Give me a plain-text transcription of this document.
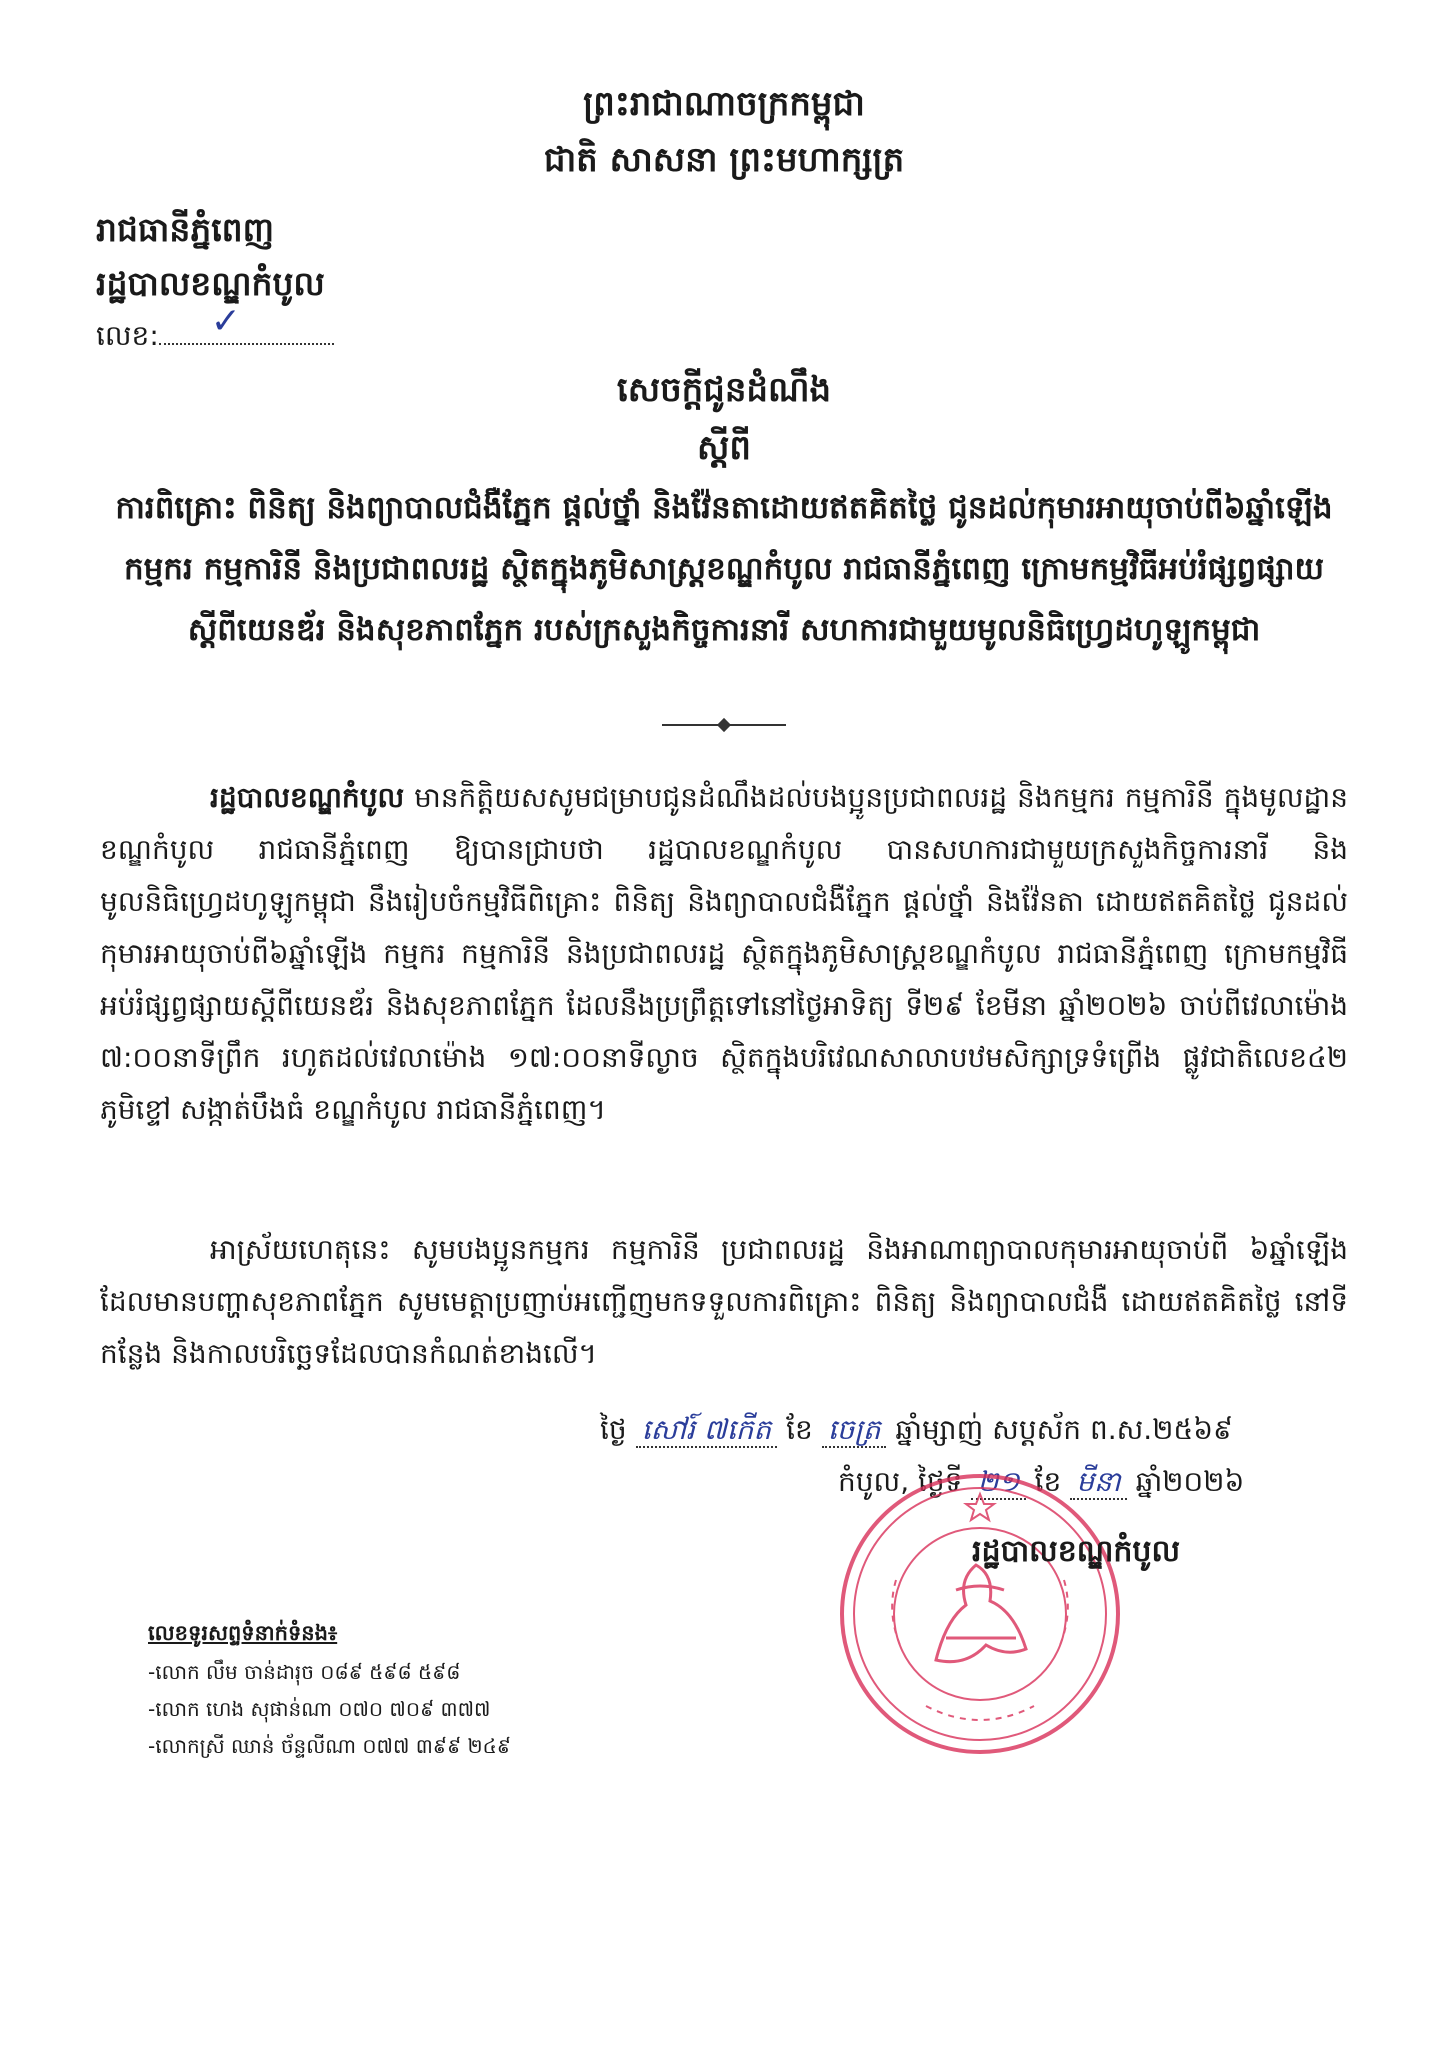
ព្រះរាជាណាចក្រកម្ពុជា
ជាតិ សាសនា ព្រះមហាក្សត្រ
រាជធានីភ្នំពេញ
រដ្ឋបាលខណ្ឌកំបូល
លេខ: ✓
សេចក្តីជូនដំណឹង
ស្តីពី
ការពិគ្រោះ ពិនិត្យ និងព្យាបាលជំងឺភ្នែក ផ្តល់ថ្នាំ និងវ៉ែនតាដោយឥតគិតថ្លៃ ជូនដល់កុមារអាយុចាប់ពី៦ឆ្នាំឡើង កម្មករ កម្មការិនី និងប្រជាពលរដ្ឋ ស្ថិតក្នុងភូមិសាស្ត្រខណ្ឌកំបូល រាជធានីភ្នំពេញ ក្រោមកម្មវិធីអប់រំផ្សព្វផ្សាយស្តីពីយេនឌ័រ និងសុខភាពភ្នែក របស់ក្រសួងកិច្ចការនារី សហការជាមួយមូលនិធិហ្វ្រេដហូឡូកម្ពុជា
រដ្ឋបាលខណ្ឌកំបូល មានកិត្តិយសសូមជម្រាបជូនដំណឹងដល់បងប្អូនប្រជាពលរដ្ឋ និងកម្មករ កម្មការិនី ក្នុងមូលដ្ឋានខណ្ឌកំបូល រាជធានីភ្នំពេញ ឱ្យបានជ្រាបថា រដ្ឋបាលខណ្ឌកំបូល បានសហការជាមួយក្រសួងកិច្ចការនារី និងមូលនិធិហ្វ្រេដហូឡូកម្ពុជា នឹងរៀបចំកម្មវិធីពិគ្រោះ ពិនិត្យ និងព្យាបាលជំងឺភ្នែក ផ្តល់ថ្នាំ និងវ៉ែនតា ដោយឥតគិតថ្លៃ ជូនដល់កុមារអាយុចាប់ពី៦ឆ្នាំឡើង កម្មករ កម្មការិនី និងប្រជាពលរដ្ឋ ស្ថិតក្នុងភូមិសាស្ត្រខណ្ឌកំបូល រាជធានីភ្នំពេញ ក្រោមកម្មវិធីអប់រំផ្សព្វផ្សាយស្តីពីយេនឌ័រ និងសុខភាពភ្នែក ដែលនឹងប្រព្រឹត្តទៅនៅថ្ងៃអាទិត្យ ទី២៩ ខែមីនា ឆ្នាំ២០២៦ ចាប់ពីវេលាម៉ោង ៧:០០នាទីព្រឹក រហូតដល់វេលាម៉ោង ១៧:០០នាទីល្ងាច ស្ថិតក្នុងបរិវេណសាលាបឋមសិក្សាទ្រទំព្រើង ផ្លូវជាតិលេខ៤២ ភូមិខ្ទៅ សង្កាត់បឹងធំ ខណ្ឌកំបូល រាជធានីភ្នំពេញ។
អាស្រ័យហេតុនេះ សូមបងប្អូនកម្មករ កម្មការិនី ប្រជាពលរដ្ឋ និងអាណាព្យាបាលកុមារអាយុចាប់ពី ៦ឆ្នាំឡើង ដែលមានបញ្ហាសុខភាពភ្នែក សូមមេត្តាប្រញាប់អញ្ជើញមកទទួលការពិគ្រោះ ពិនិត្យ និងព្យាបាលជំងឺ ដោយឥតគិតថ្លៃ នៅទីកន្លែង និងកាលបរិច្ឆេទដែលបានកំណត់ខាងលើ។
ថ្ងៃ សៅរ៍ ៧កើត ខែ ចេត្រ ឆ្នាំម្សាញ់ សប្តស័ក ព.ស.២៥៦៩
កំបូល, ថ្ងៃទី ២១ ខែ មីនា ឆ្នាំ២០២៦
រដ្ឋបាលខណ្ឌកំបូល
លេខទូរសព្ទទំនាក់ទំនង៖
-លោក លឹម ចាន់ដារុច ០៨៩ ៥៩៨ ៥៩៨
-លោក ហេង សុផាន់ណា ០៧០ ៧០៩ ៣៧៧
-លោកស្រី ឈាន់ ច័ន្ទលីណា ០៧៧ ៣៩៩ ២៤៩
